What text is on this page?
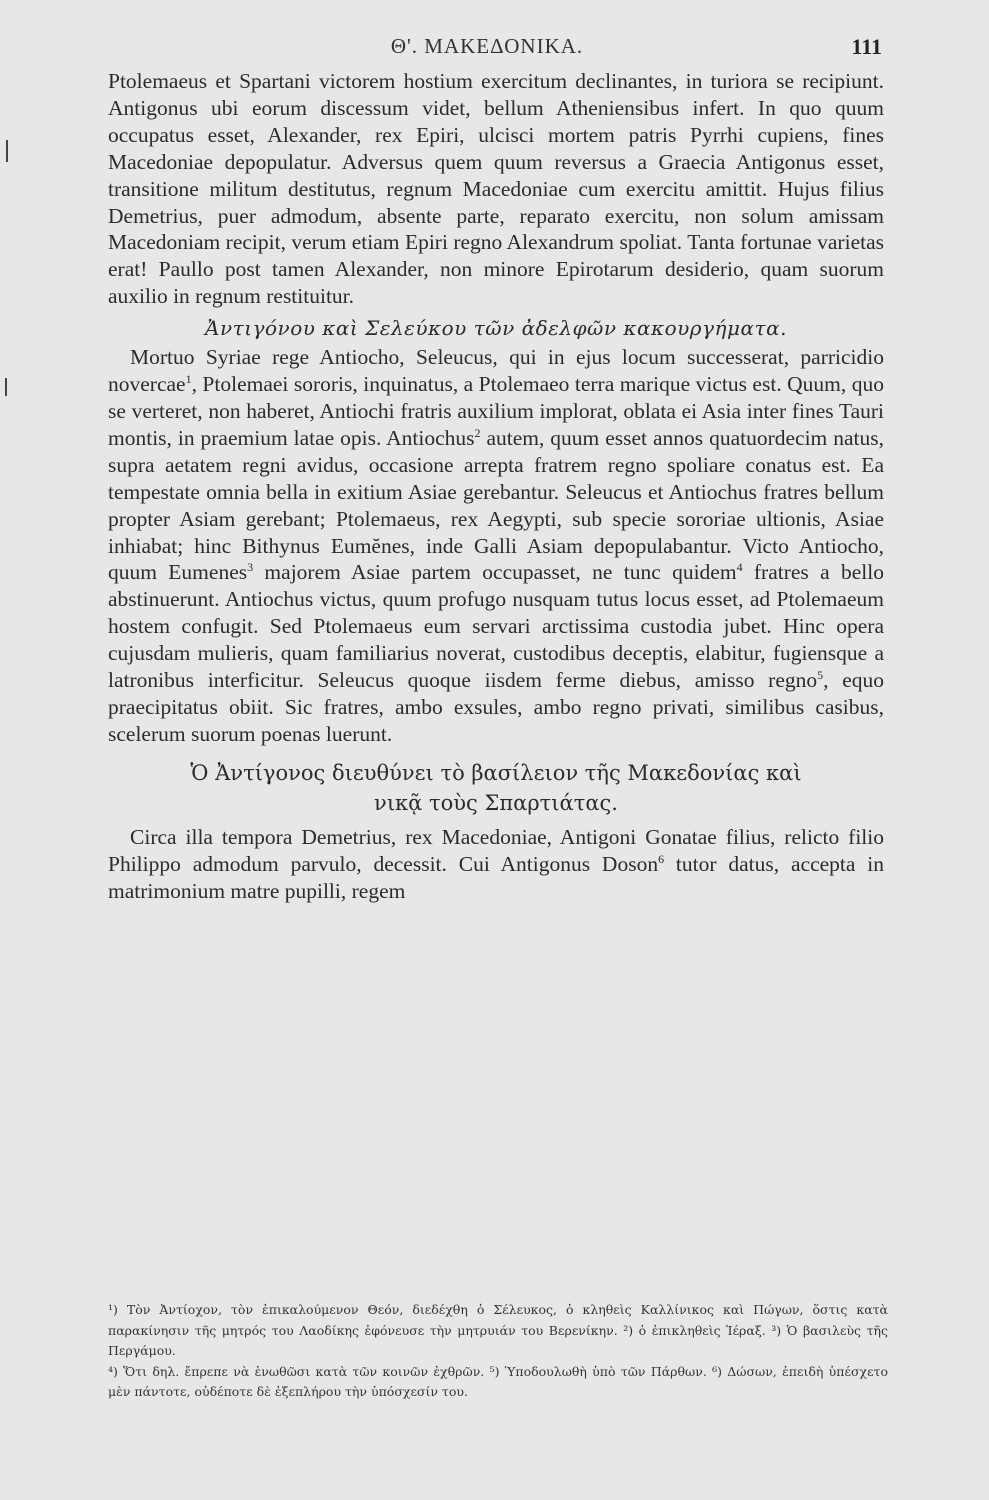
Θ'. ΜΑΚΕΔΟΝΙΚΑ.	111

Ptolemaeus et Spartani victorem hostium exercitum declinantes, in turiora se recipiunt. Antigonus ubi eorum discessum videt, bellum Atheniensibus infert. In quo quum occupatus esset, Alexander, rex Epiri, ulcisci mortem patris Pyrrhi cupiens, fines Macedoniae depopulatur. Adversus quem quum reversus a Graecia Antigonus esset, transitione militum destitutus, regnum Macedoniae cum exercitu amittit. Hujus filius Demetrius, puer admodum, absente parte, reparato exercitu, non solum amissam Macedoniam recipit, verum etiam Epiri regno Alexandrum spoliat. Tanta fortunae varietas erat! Paullo post tamen Alexander, non minore Epirotarum desiderio, quam suorum auxilio in regnum restituitur.

Ἀντιγόνου καὶ Σελεύκου τῶν ἀδελφῶν κακουργήματα.

Mortuo Syriae rege Antiocho, Seleucus, qui in ejus locum successerat, parricidio novercae$^1$, Ptolemaei sororis, inquinatus, a Ptolemaeo terra marique victus est. Quum, quo se verteret, non haberet, Antiochi fratris auxilium implorat, oblata ei Asia inter fines Tauri montis, in praemium latae opis. Antiochus$^2$ autem, quum esset annos quatuordecim natus, supra aetatem regni avidus, occasione arrepta fratrem regno spoliare conatus est. Ea tempestate omnia bella in exitium Asiae gerebantur. Seleucus et Antiochus fratres bellum propter Asiam gerebant; Ptolemaeus, rex Aegypti, sub specie sororiae ultionis, Asiae inhiabat; hinc Bithynus Eumĕnes, inde Galli Asiam depopulabantur. Victo Antiocho, quum Eumenes$^3$ majorem Asiae partem occupasset, ne tunc quidem$^4$ fratres a bello abstinuerunt. Antiochus victus, quum profugo nusquam tutus locus esset, ad Ptolemaeum hostem confugit. Sed Ptolemaeus eum servari arctissima custodia jubet. Hinc opera cujusdam mulieris, quam familiarius noverat, custodibus deceptis, elabitur, fugiensque a latronibus interficitur. Seleucus quoque iisdem ferme diebus, amisso regno$^5$, equo praecipitatus obiit. Sic fratres, ambo exsules, ambo regno privati, similibus casibus, scelerum suorum poenas luerunt.

Ὁ Ἀντίγονος διευθύνει τὸ βασίλειον τῆς Μακεδονίας καὶ
νικᾷ τοὺς Σπαρτιάτας.

Circa illa tempora Demetrius, rex Macedoniae, Antigoni Gonatae filius, relicto filio Philippo admodum parvulo, decessit. Cui Antigonus Doson$^6$ tutor datus, accepta in matrimonium matre pupilli, regem

¹) Τὸν Ἀντίοχον, τὸν ἐπικαλούμενον Θεόν, διεδέχθη ὁ Σέλευκος, ὁ κληθεὶς Καλλίνικος καὶ Πώγων, ὅστις κατὰ παρακίνησιν τῆς μητρός του Λαοδίκης ἐφόνευσε τὴν μητρυιάν του Βερενίκην. ²) ὁ ἐπικληθεὶς Ἱέραξ. ³) Ὁ βασιλεὺς τῆς Περγάμου.

⁴) Ὅτι δηλ. ἔπρεπε νὰ ἑνωθῶσι κατὰ τῶν κοινῶν ἐχθρῶν. ⁵) Ὑποδουλωθὴ ὑπὸ τῶν Πάρθων. ⁶) Δώσων, ἐπειδὴ ὑπέσχετο μὲν πάντοτε, οὐδέποτε δὲ ἐξεπλήρου τὴν ὑπόσχεσίν του.
